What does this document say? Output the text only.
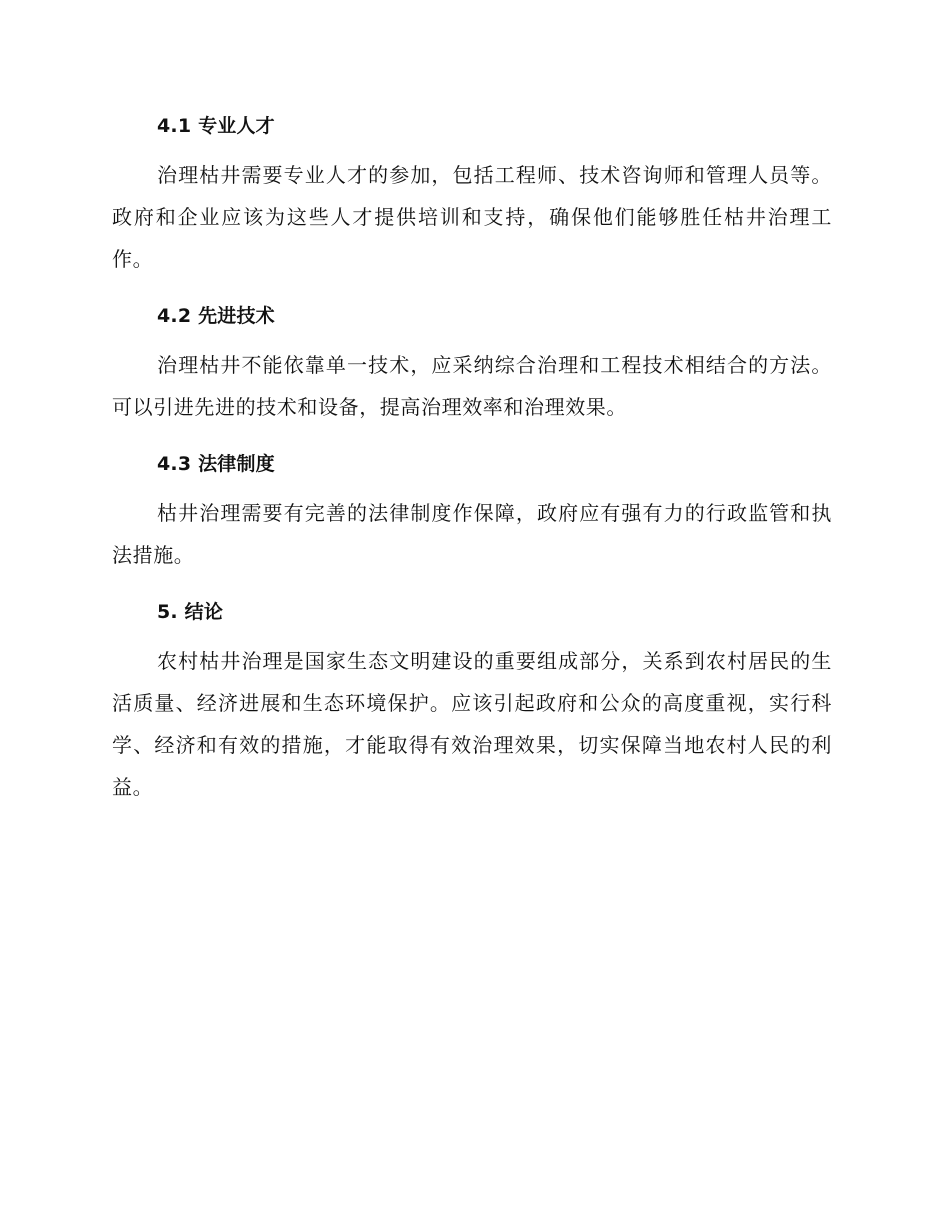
4.1 专业人才

治理枯井需要专业人才的参加，包括工程师、技术咨询师和管理人员等。政府和企业应该为这些人才提供培训和支持，确保他们能够胜任枯井治理工作。

4.2 先进技术

治理枯井不能依靠单一技术，应采纳综合治理和工程技术相结合的方法。可以引进先进的技术和设备，提高治理效率和治理效果。

4.3 法律制度

枯井治理需要有完善的法律制度作保障，政府应有强有力的行政监管和执法措施。

5. 结论

农村枯井治理是国家生态文明建设的重要组成部分，关系到农村居民的生活质量、经济进展和生态环境保护。应该引起政府和公众的高度重视，实行科学、经济和有效的措施，才能取得有效治理效果，切实保障当地农村人民的利益。
